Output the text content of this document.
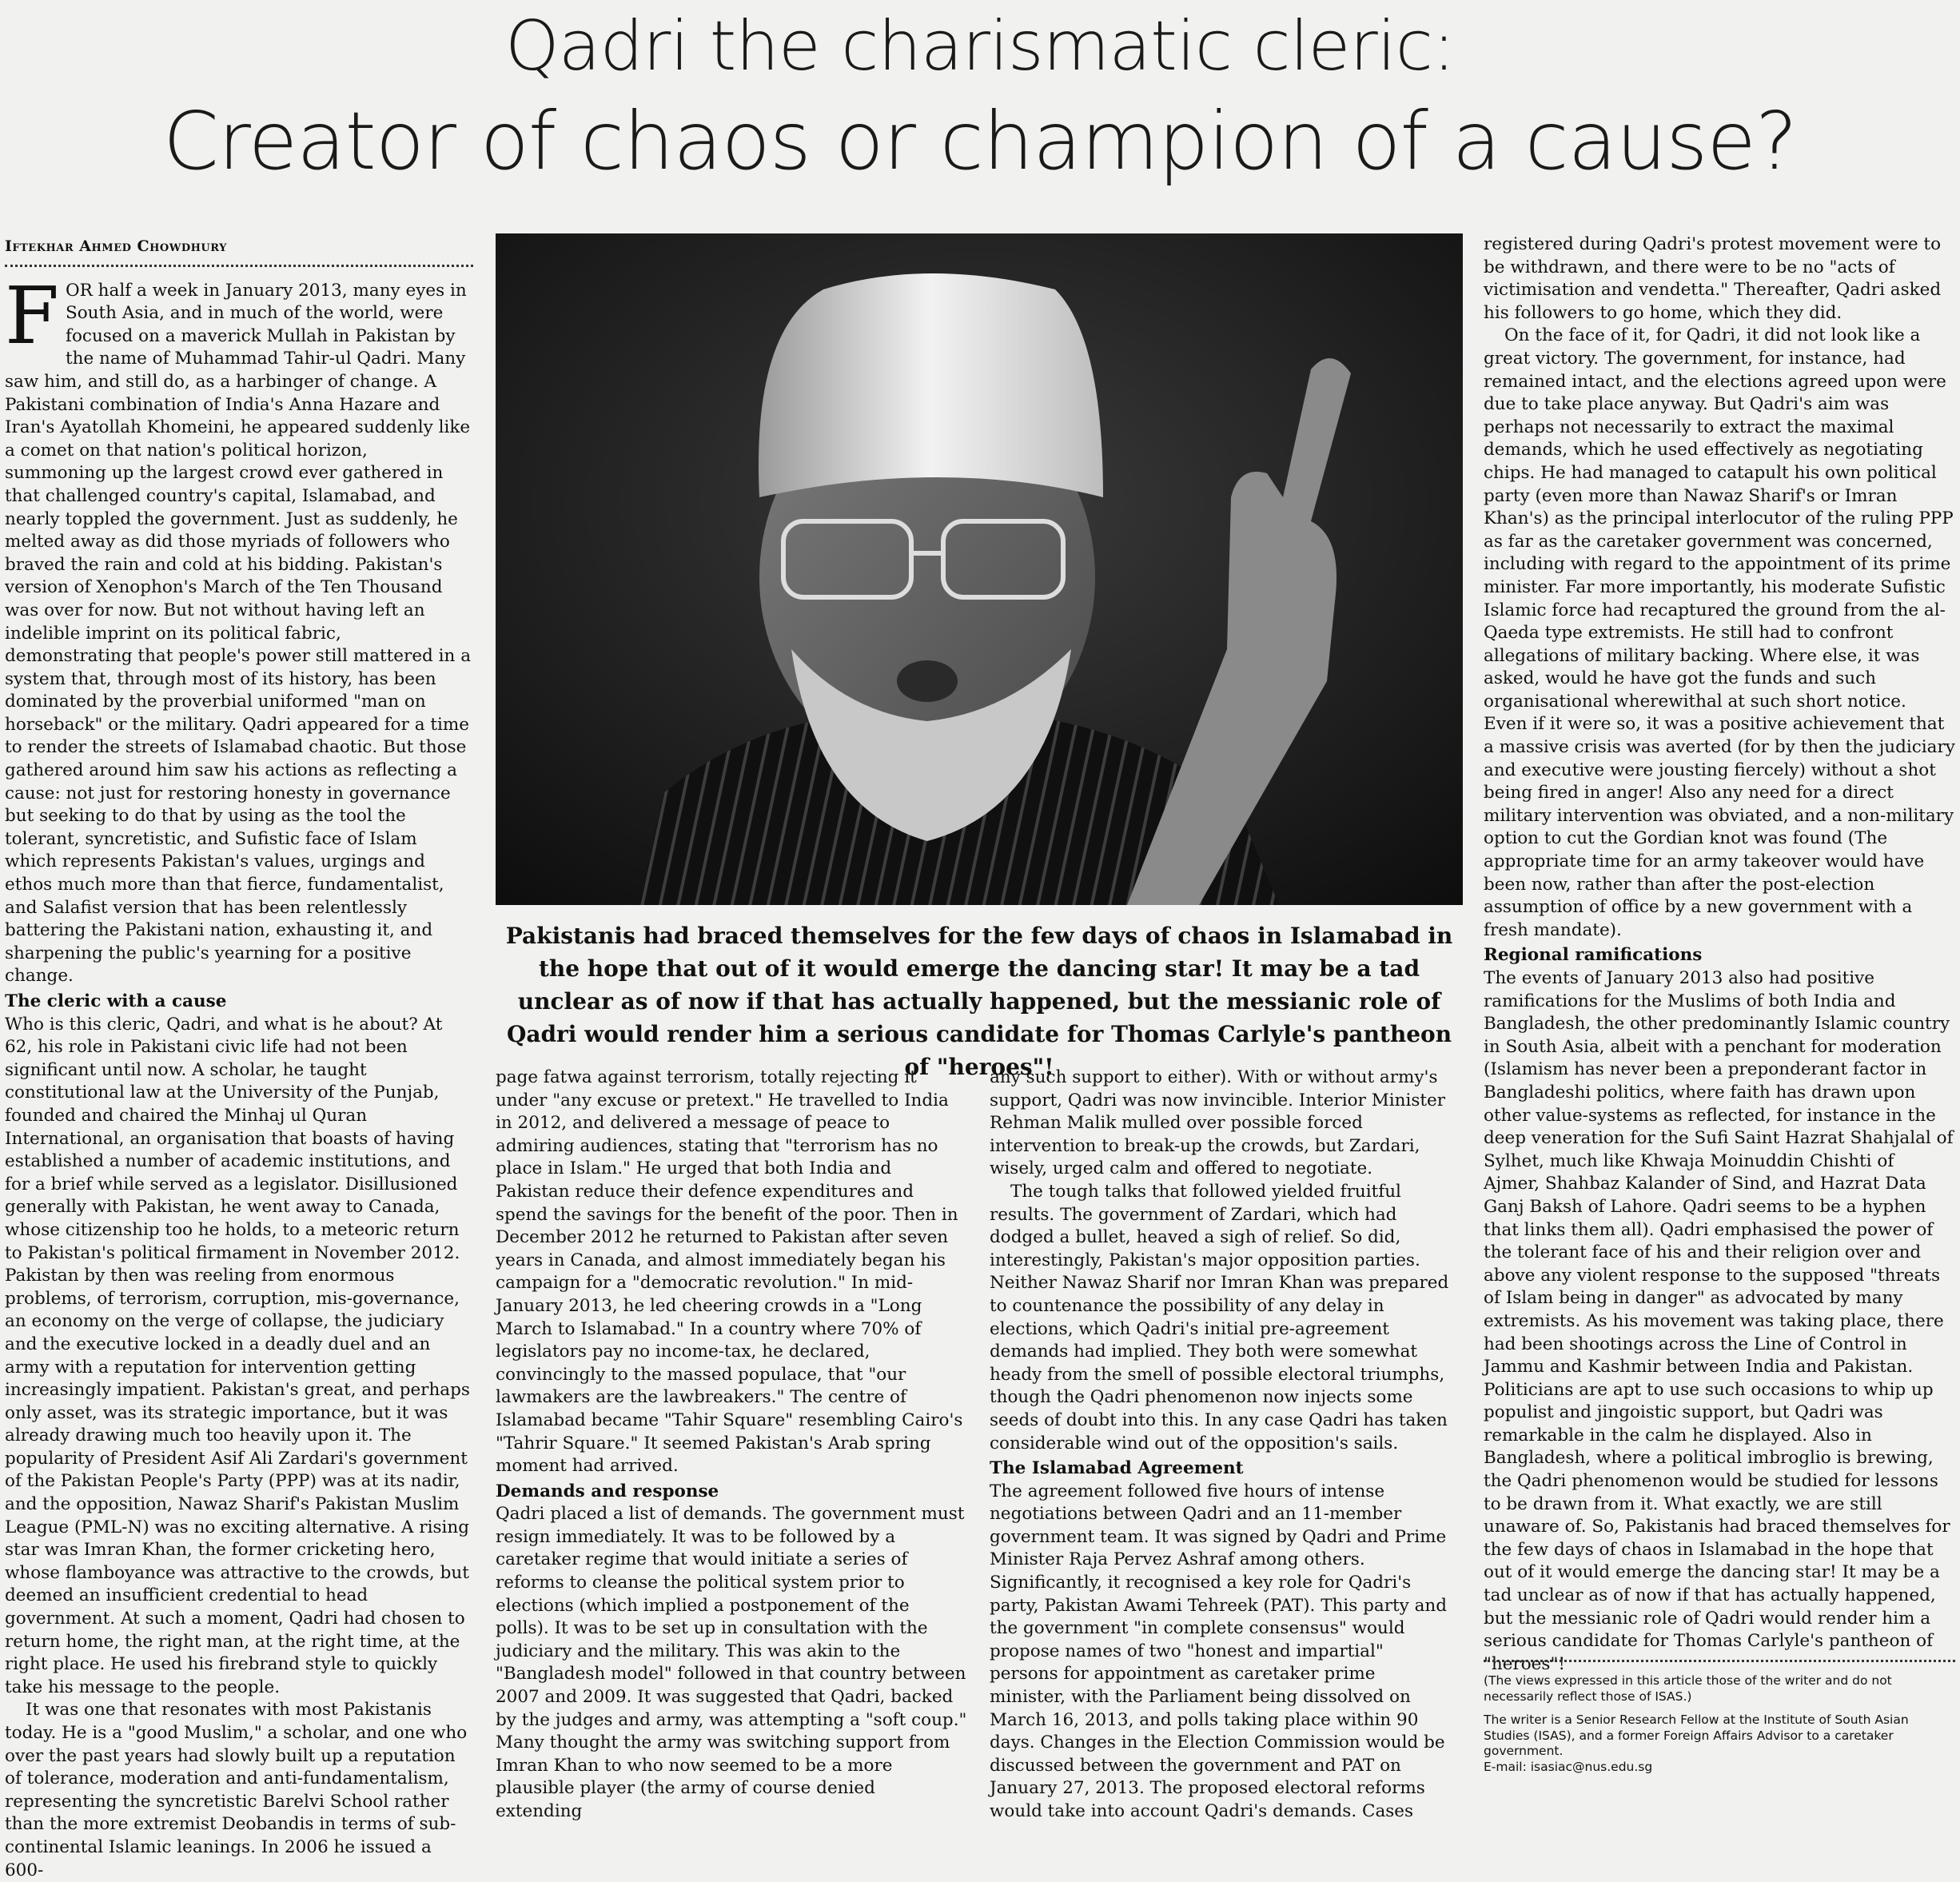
Qadri the charismatic cleric:
Creator of chaos or champion of a cause?
Iftekhar Ahmed Chowdhury
F OR half a week in January 2013, many eyes in South Asia, and in much of the world, were focused on a maverick Mullah in Pakistan by the name of Muhammad Tahir-ul Qadri. Many saw him, and still do, as a harbinger of change. A Pakistani combination of India's Anna Hazare and Iran's Ayatollah Khomeini, he appeared suddenly like a comet on that nation's political horizon, summoning up the largest crowd ever gathered in that challenged country's capital, Islamabad, and nearly toppled the government. Just as suddenly, he melted away as did those myriads of followers who braved the rain and cold at his bidding. Pakistan's version of Xenophon's March of the Ten Thousand was over for now. But not without having left an indelible imprint on its political fabric, demonstrating that people's power still mattered in a system that, through most of its history, has been dominated by the proverbial uniformed "man on horseback" or the military. Qadri appeared for a time to render the streets of Islamabad chaotic. But those gathered around him saw his actions as reflecting a cause: not just for restoring honesty in governance but seeking to do that by using as the tool the tolerant, syncretistic, and Sufistic face of Islam which represents Pakistan's values, urgings and ethos much more than that fierce, fundamentalist, and Salafist version that has been relentlessly battering the Pakistani nation, exhausting it, and sharpening the public's yearning for a positive change.

The cleric with a cause

Who is this cleric, Qadri, and what is he about? At 62, his role in Pakistani civic life had not been significant until now. A scholar, he taught constitutional law at the University of the Punjab, founded and chaired the Minhaj ul Quran International, an organisation that boasts of having established a number of academic institutions, and for a brief while served as a legislator. Disillusioned generally with Pakistan, he went away to Canada, whose citizenship too he holds, to a meteoric return to Pakistan's political firmament in November 2012. Pakistan by then was reeling from enormous problems, of terrorism, corruption, mis-governance, an economy on the verge of collapse, the judiciary and the executive locked in a deadly duel and an army with a reputation for intervention getting increasingly impatient. Pakistan's great, and perhaps only asset, was its strategic importance, but it was already drawing much too heavily upon it. The popularity of President Asif Ali Zardari's government of the Pakistan People's Party (PPP) was at its nadir, and the opposition, Nawaz Sharif's Pakistan Muslim League (PML-N) was no exciting alternative. A rising star was Imran Khan, the former cricketing hero, whose flamboyance was attractive to the crowds, but deemed an insufficient credential to head government. At such a moment, Qadri had chosen to return home, the right man, at the right time, at the right place. He used his firebrand style to quickly take his message to the people.

It was one that resonates with most Pakistanis today. He is a "good Muslim," a scholar, and one who over the past years had slowly built up a reputation of tolerance, moderation and anti-fundamentalism, representing the syncretistic Barelvi School rather than the more extremist Deobandis in terms of sub-continental Islamic leanings. In 2006 he issued a 600-

Pakistanis had braced themselves for the few days of chaos in Islamabad in the hope that out of it would emerge the dancing star! It may be a tad unclear as of now if that has actually happened, but the messianic role of Qadri would render him a serious candidate for Thomas Carlyle's pantheon of "heroes"!

page fatwa against terrorism, totally rejecting it under "any excuse or pretext." He travelled to India in 2012, and delivered a message of peace to admiring audiences, stating that "terrorism has no place in Islam." He urged that both India and Pakistan reduce their defence expenditures and spend the savings for the benefit of the poor. Then in December 2012 he returned to Pakistan after seven years in Canada, and almost immediately began his campaign for a "democratic revolution." In mid-January 2013, he led cheering crowds in a "Long March to Islamabad." In a country where 70% of legislators pay no income-tax, he declared, convincingly to the massed populace, that "our lawmakers are the lawbreakers." The centre of Islamabad became "Tahir Square" resembling Cairo's "Tahrir Square." It seemed Pakistan's Arab spring moment had arrived.

Demands and response

Qadri placed a list of demands. The government must resign immediately. It was to be followed by a caretaker regime that would initiate a series of reforms to cleanse the political system prior to elections (which implied a postponement of the polls). It was to be set up in consultation with the judiciary and the military. This was akin to the "Bangladesh model" followed in that country between 2007 and 2009. It was suggested that Qadri, backed by the judges and army, was attempting a "soft coup." Many thought the army was switching support from Imran Khan to who now seemed to be a more plausible player (the army of course denied extending

any such support to either). With or without army's support, Qadri was now invincible. Interior Minister Rehman Malik mulled over possible forced intervention to break-up the crowds, but Zardari, wisely, urged calm and offered to negotiate.

The tough talks that followed yielded fruitful results. The government of Zardari, which had dodged a bullet, heaved a sigh of relief. So did, interestingly, Pakistan's major opposition parties. Neither Nawaz Sharif nor Imran Khan was prepared to countenance the possibility of any delay in elections, which Qadri's initial pre-agreement demands had implied. They both were somewhat heady from the smell of possible electoral triumphs, though the Qadri phenomenon now injects some seeds of doubt into this. In any case Qadri has taken considerable wind out of the opposition's sails.

The Islamabad Agreement

The agreement followed five hours of intense negotiations between Qadri and an 11-member government team. It was signed by Qadri and Prime Minister Raja Pervez Ashraf among others. Significantly, it recognised a key role for Qadri's party, Pakistan Awami Tehreek (PAT). This party and the government "in complete consensus" would propose names of two "honest and impartial" persons for appointment as caretaker prime minister, with the Parliament being dissolved on March 16, 2013, and polls taking place within 90 days. Changes in the Election Commission would be discussed between the government and PAT on January 27, 2013. The proposed electoral reforms would take into account Qadri's demands. Cases

registered during Qadri's protest movement were to be withdrawn, and there were to be no "acts of victimisation and vendetta." Thereafter, Qadri asked his followers to go home, which they did.

On the face of it, for Qadri, it did not look like a great victory. The government, for instance, had remained intact, and the elections agreed upon were due to take place anyway. But Qadri's aim was perhaps not necessarily to extract the maximal demands, which he used effectively as negotiating chips. He had managed to catapult his own political party (even more than Nawaz Sharif's or Imran Khan's) as the principal interlocutor of the ruling PPP as far as the caretaker government was concerned, including with regard to the appointment of its prime minister. Far more importantly, his moderate Sufistic Islamic force had recaptured the ground from the al-Qaeda type extremists. He still had to confront allegations of military backing. Where else, it was asked, would he have got the funds and such organisational wherewithal at such short notice. Even if it were so, it was a positive achievement that a massive crisis was averted (for by then the judiciary and executive were jousting fiercely) without a shot being fired in anger! Also any need for a direct military intervention was obviated, and a non-military option to cut the Gordian knot was found (The appropriate time for an army takeover would have been now, rather than after the post-election assumption of office by a new government with a fresh mandate).

Regional ramifications

The events of January 2013 also had positive ramifications for the Muslims of both India and Bangladesh, the other predominantly Islamic country in South Asia, albeit with a penchant for moderation (Islamism has never been a preponderant factor in Bangladeshi politics, where faith has drawn upon other value-systems as reflected, for instance in the deep veneration for the Sufi Saint Hazrat Shahjalal of Sylhet, much like Khwaja Moinuddin Chishti of Ajmer, Shahbaz Kalander of Sind, and Hazrat Data Ganj Baksh of Lahore. Qadri seems to be a hyphen that links them all). Qadri emphasised the power of the tolerant face of his and their religion over and above any violent response to the supposed "threats of Islam being in danger" as advocated by many extremists. As his movement was taking place, there had been shootings across the Line of Control in Jammu and Kashmir between India and Pakistan. Politicians are apt to use such occasions to whip up populist and jingoistic support, but Qadri was remarkable in the calm he displayed. Also in Bangladesh, where a political imbroglio is brewing, the Qadri phenomenon would be studied for lessons to be drawn from it. What exactly, we are still unaware of. So, Pakistanis had braced themselves for the few days of chaos in Islamabad in the hope that out of it would emerge the dancing star! It may be a tad unclear as of now if that has actually happened, but the messianic role of Qadri would render him a serious candidate for Thomas Carlyle's pantheon of "heroes"!

(The views expressed in this article those of the writer and do not necessarily reflect those of ISAS.)

The writer is a Senior Research Fellow at the Institute of South Asian Studies (ISAS), and a former Foreign Affairs Advisor to a caretaker government.

E-mail: isasiac@nus.edu.sg
